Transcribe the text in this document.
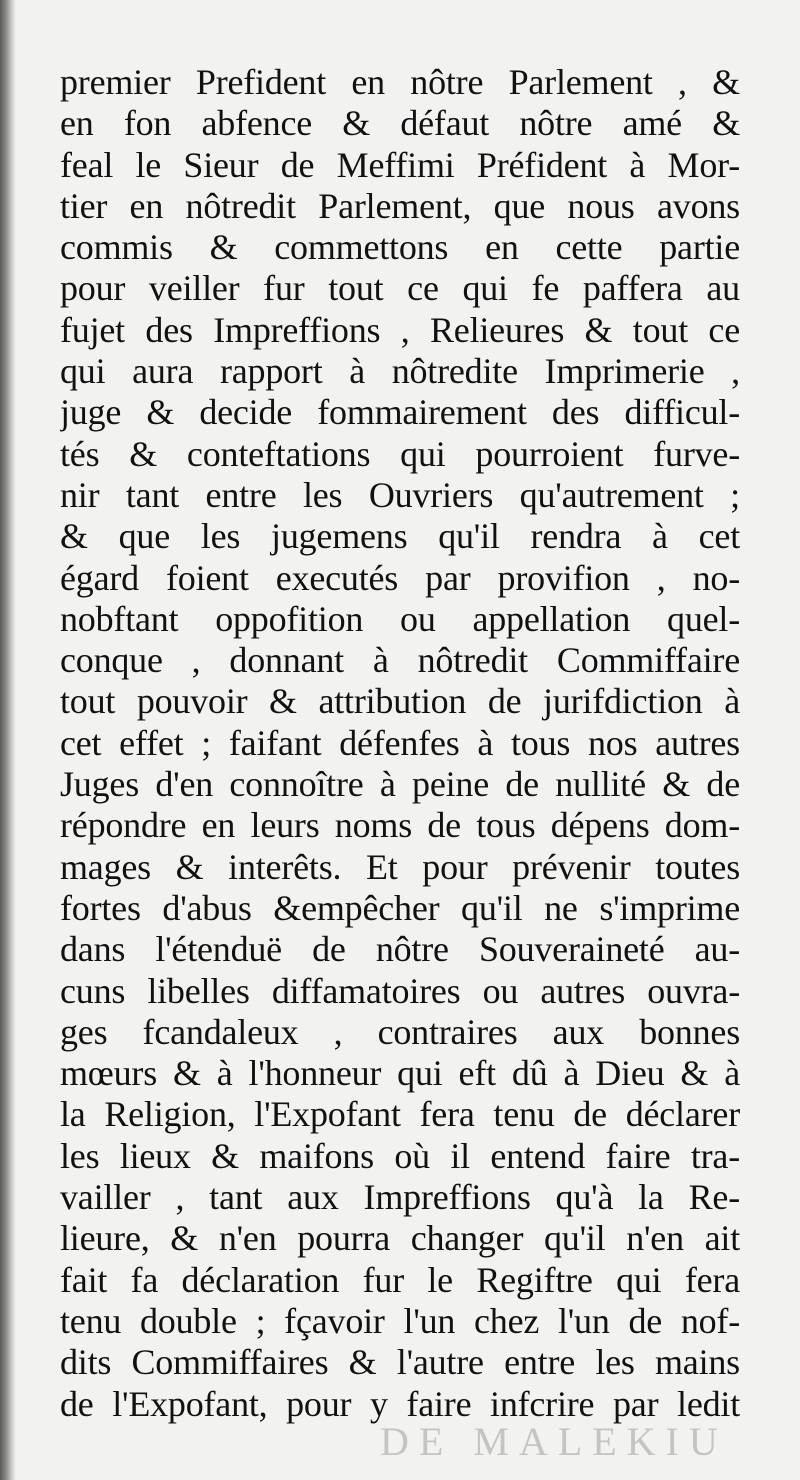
premier Prefident en nôtre Parlement , &
en fon abfence & défaut nôtre amé &
feal le Sieur de Meffimi Préfident à Mor-
tier en nôtredit Parlement, que nous avons
commis & commettons en cette partie
pour veiller fur tout ce qui fe paffera au
fujet des Impreffions , Relieures & tout ce
qui aura rapport à nôtredite Imprimerie ,
juge & decide fommairement des difficul-
tés & conteftations qui pourroient furve-
nir tant entre les Ouvriers qu'autrement ;
& que les jugemens qu'il rendra à cet
égard foient executés par provifion , no-
nobftant oppofition ou appellation quel-
conque , donnant à nôtredit Commiffaire
tout pouvoir & attribution de jurifdiction à
cet effet ; faifant défenfes à tous nos autres
Juges d'en connoître à peine de nullité & de
répondre en leurs noms de tous dépens dom-
mages & interêts. Et pour prévenir toutes
fortes d'abus &empêcher qu'il ne s'imprime
dans l'étenduë de nôtre Souveraineté au-
cuns libelles diffamatoires ou autres ouvra-
ges fcandaleux , contraires aux bonnes
mœurs & à l'honneur qui eft dû à Dieu & à
la Religion, l'Expofant fera tenu de déclarer
les lieux & maifons où il entend faire tra-
vailler , tant aux Impreffions qu'à la Re-
lieure, & n'en pourra changer qu'il n'en ait
fait fa déclaration fur le Regiftre qui fera
tenu double ; fçavoir l'un chez l'un de nof-
dits Commiffaires & l'autre entre les mains
de l'Expofant, pour y faire infcrire par ledit
DE MALEKIU
